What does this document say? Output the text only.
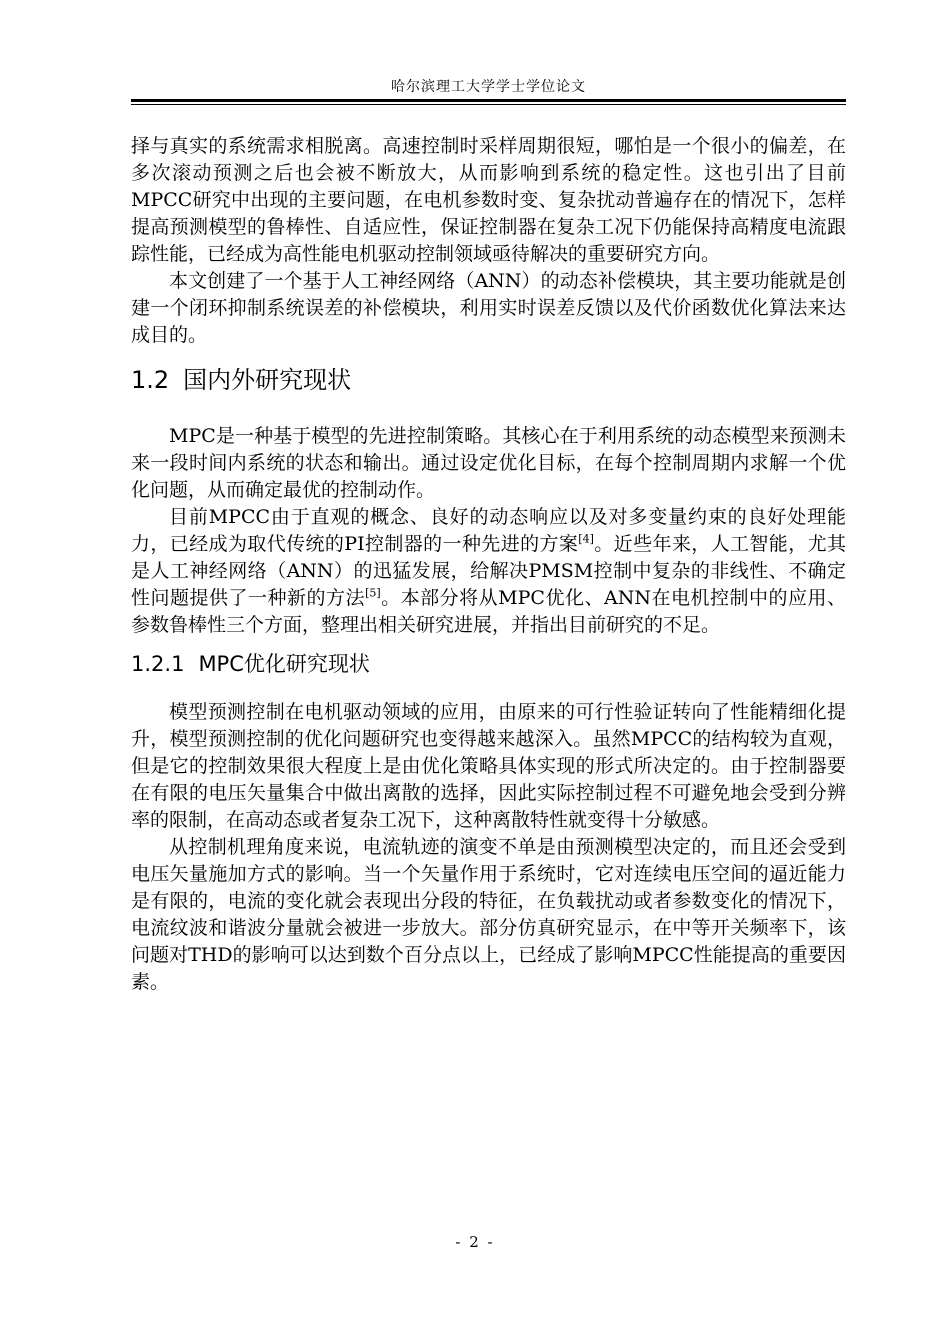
哈尔滨理工大学学士学位论文

择与真实的系统需求相脱离。高速控制时采样周期很短，哪怕是一个很小的偏差，在多次滚动预测之后也会被不断放大，从而影响到系统的稳定性。这也引出了目前MPCC研究中出现的主要问题，在电机参数时变、复杂扰动普遍存在的情况下，怎样提高预测模型的鲁棒性、自适应性，保证控制器在复杂工况下仍能保持高精度电流跟踪性能，已经成为高性能电机驱动控制领域亟待解决的重要研究方向。

本文创建了一个基于人工神经网络（ANN）的动态补偿模块，其主要功能就是创建一个闭环抑制系统误差的补偿模块，利用实时误差反馈以及代价函数优化算法来达成目的。

1.2 国内外研究现状

MPC是一种基于模型的先进控制策略。其核心在于利用系统的动态模型来预测未来一段时间内系统的状态和输出。通过设定优化目标，在每个控制周期内求解一个优化问题，从而确定最优的控制动作。

目前MPCC由于直观的概念、良好的动态响应以及对多变量约束的良好处理能力，已经成为取代传统的PI控制器的一种先进的方案[4]。近些年来，人工智能，尤其是人工神经网络（ANN）的迅猛发展，给解决PMSM控制中复杂的非线性、不确定性问题提供了一种新的方法[5]。本部分将从MPC优化、ANN在电机控制中的应用、参数鲁棒性三个方面，整理出相关研究进展，并指出目前研究的不足。

1.2.1 MPC优化研究现状

模型预测控制在电机驱动领域的应用，由原来的可行性验证转向了性能精细化提升，模型预测控制的优化问题研究也变得越来越深入。虽然MPCC的结构较为直观，但是它的控制效果很大程度上是由优化策略具体实现的形式所决定的。由于控制器要在有限的电压矢量集合中做出离散的选择，因此实际控制过程不可避免地会受到分辨率的限制，在高动态或者复杂工况下，这种离散特性就变得十分敏感。

从控制机理角度来说，电流轨迹的演变不单是由预测模型决定的，而且还会受到电压矢量施加方式的影响。当一个矢量作用于系统时，它对连续电压空间的逼近能力是有限的，电流的变化就会表现出分段的特征，在负载扰动或者参数变化的情况下，电流纹波和谐波分量就会被进一步放大。部分仿真研究显示，在中等开关频率下，该问题对THD的影响可以达到数个百分点以上，已经成了影响MPCC性能提高的重要因素。

- 2 -
